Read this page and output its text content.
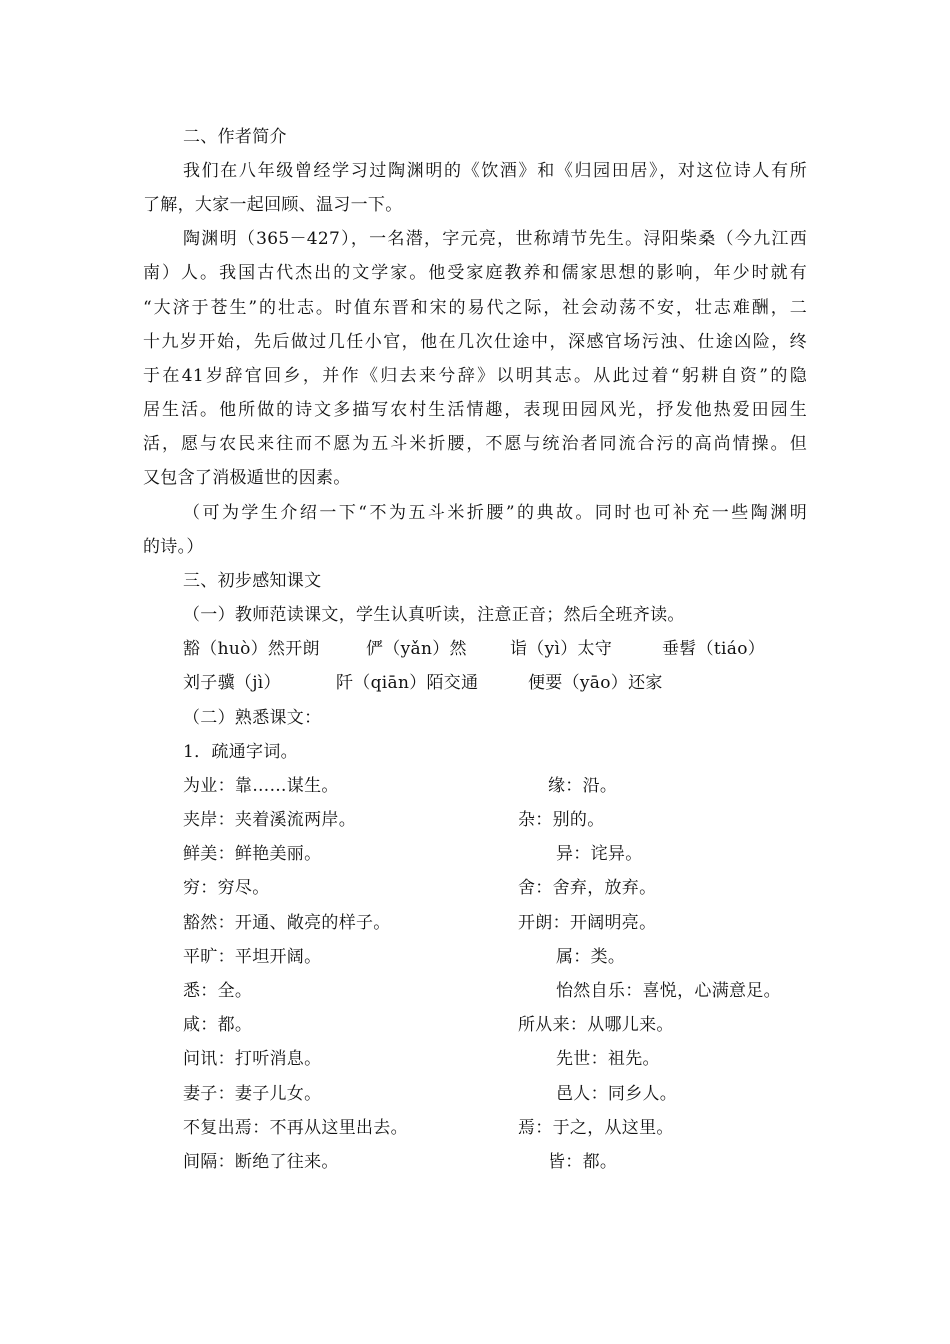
二、作者简介
我们在八年级曾经学习过陶渊明的《饮酒》和《归园田居》，对这位诗人有所
了解，大家一起回顾、温习一下。
陶渊明（365－427），一名潜，字元亮，世称靖节先生。浔阳柴桑（今九江西
南）人。我国古代杰出的文学家。他受家庭教养和儒家思想的影响，年少时就有
“大济于苍生”的壮志。时值东晋和宋的易代之际，社会动荡不安，壮志难酬，二
十九岁开始，先后做过几任小官，他在几次仕途中，深感官场污浊、仕途凶险，终
于在41岁辞官回乡，并作《归去来兮辞》以明其志。从此过着“躬耕自资”的隐
居生活。他所做的诗文多描写农村生活情趣，表现田园风光，抒发他热爱田园生
活，愿与农民来往而不愿为五斗米折腰，不愿与统治者同流合污的高尚情操。但
又包含了消极遁世的因素。
（可为学生介绍一下“不为五斗米折腰”的典故。同时也可补充一些陶渊明
的诗。）
三、初步感知课文
（一）教师范读课文，学生认真听读，注意正音；然后全班齐读。
豁（huò）然开朗	俨（yǎn）然	诣（yì）太守	垂髫（tiáo）
刘子骥（jì）	阡（qiān）陌交通	便要（yāo）还家
（二）熟悉课文：
1．疏通字词。
为业：靠……谋生。	缘：沿。
夹岸：夹着溪流两岸。	杂：别的。
鲜美：鲜艳美丽。	异：诧异。
穷：穷尽。	舍：舍弃，放弃。
豁然：开通、敞亮的样子。	开朗：开阔明亮。
平旷：平坦开阔。	属：类。
悉：全。	怡然自乐：喜悦，心满意足。
咸：都。	所从来：从哪儿来。
问讯：打听消息。	先世：祖先。
妻子：妻子儿女。	邑人：同乡人。
不复出焉：不再从这里出去。	焉：于之，从这里。
间隔：断绝了往来。	皆：都。
